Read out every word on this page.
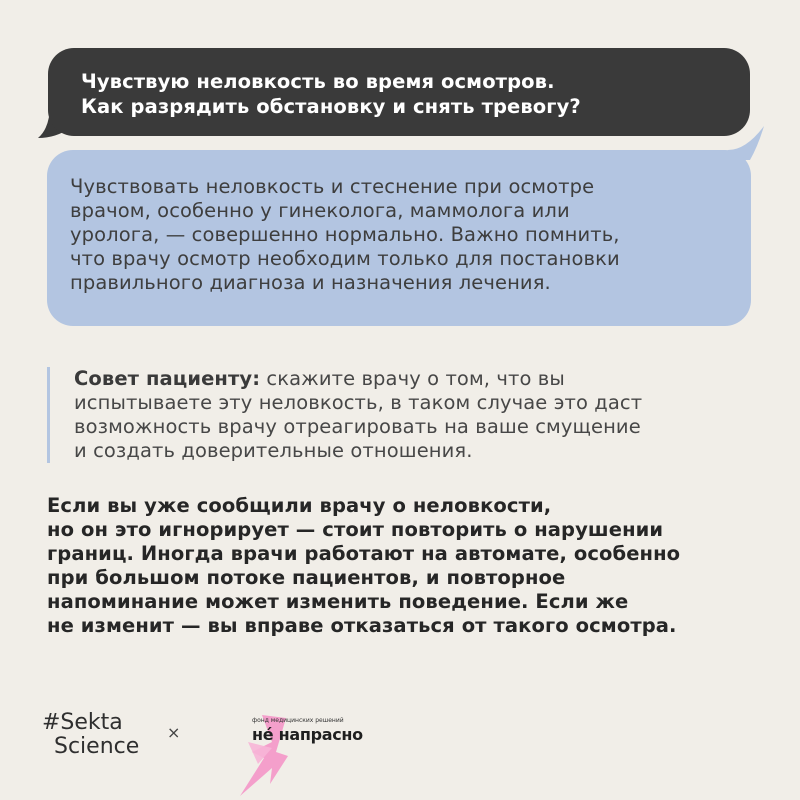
Чувствую неловкость во время осмотров.

Как разрядить обстановку и снять тревогу?

Чувствовать неловкость и стеснение при осмотре

врачом, особенно у гинеколога, маммолога или

уролога, — совершенно нормально. Важно помнить,

что врачу осмотр необходим только для постановки

правильного диагноза и назначения лечения.

Совет пациенту: скажите врачу о том, что вы

испытываете эту неловкость, в таком случае это даст

возможность врачу отреагировать на ваше смущение

и создать доверительные отношения.

Если вы уже сообщили врачу о неловкости,

но он это игнорирует — стоит повторить о нарушении

границ. Иногда врачи работают на автомате, особенно

при большом потоке пациентов, и повторное

напоминание может изменить поведение. Если же

не изменит — вы вправе отказаться от такого осмотра.

#Sekta
Science
×
фонд медицинских решений
не́ напрасно
